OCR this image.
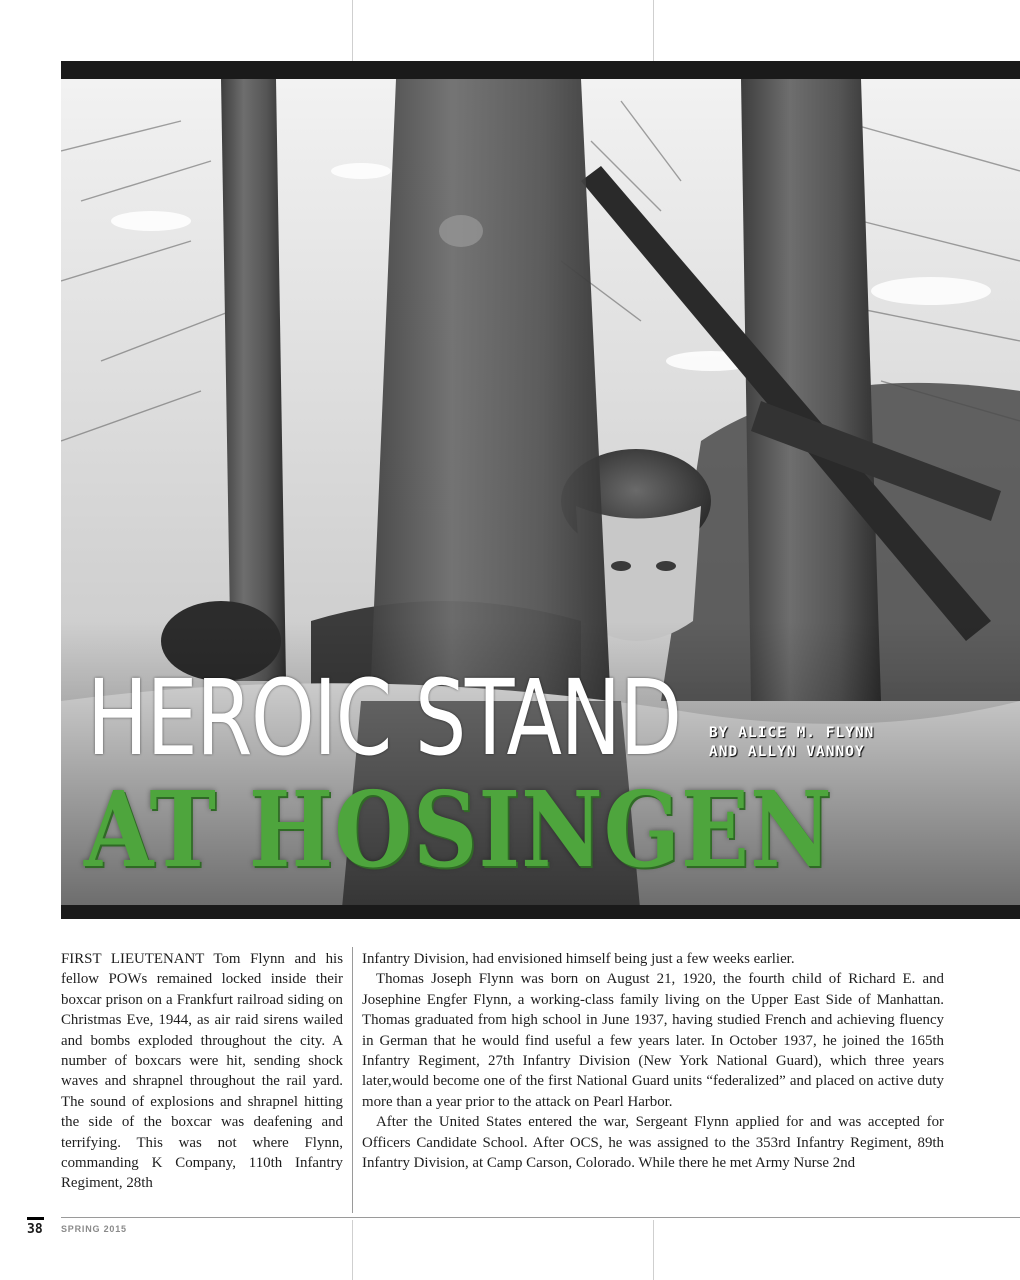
HEROIC STAND BY ALICE M. FLYNN
AND ALLYN VANNOY
AT HOSINGEN

FIRST LIEUTENANT Tom Flynn and his fellow POWs remained locked inside their boxcar prison on a Frankfurt railroad siding on Christmas Eve, 1944, as air raid sirens wailed and bombs exploded throughout the city. A number of boxcars were hit, sending shock waves and shrapnel throughout the rail yard. The sound of explosions and shrapnel hitting the side of the boxcar was deafening and terrifying. This was not where Flynn, commanding K Company, 110th Infantry Regiment, 28th

Infantry Division, had envisioned himself being just a few weeks earlier.

Thomas Joseph Flynn was born on August 21, 1920, the fourth child of Richard E. and Josephine Engfer Flynn, a working-class family living on the Upper East Side of Manhattan. Thomas graduated from high school in June 1937, having studied French and achieving fluency in German that he would find useful a few years later. In October 1937, he joined the 165th Infantry Regiment, 27th Infantry Division (New York National Guard), which three years later,would become one of the first National Guard units “federalized” and placed on active duty more than a year prior to the attack on Pearl Harbor.

After the United States entered the war, Sergeant Flynn applied for and was accepted for Officers Candidate School. After OCS, he was assigned to the 353rd Infantry Regiment, 89th Infantry Division, at Camp Carson, Colorado. While there he met Army Nurse 2nd

38 SPRING 2015
